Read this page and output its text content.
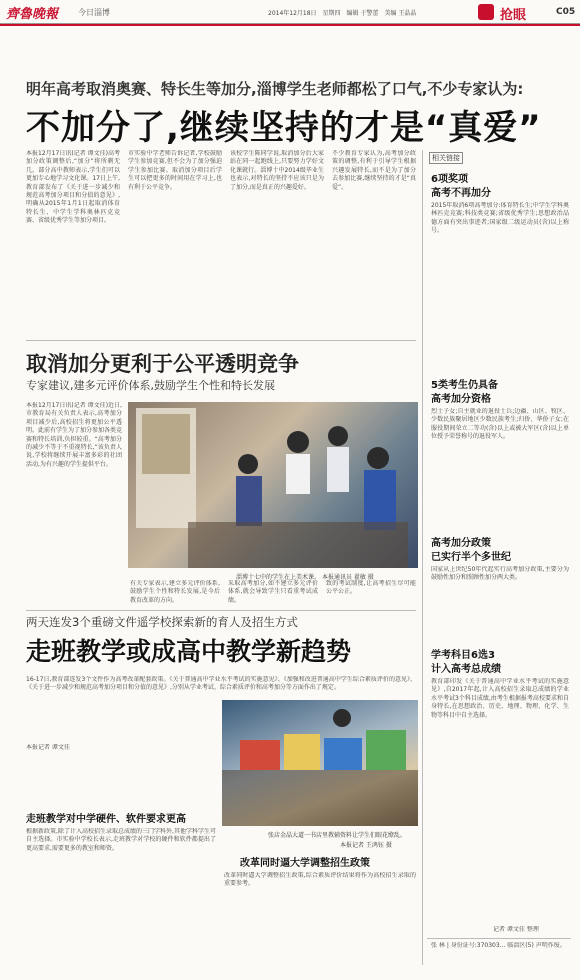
齊魯晚報 今日淄博	2014年12月18日　星期四　编辑 于警蕾　美编 王晶晶	抢眼	C05
明年高考取消奥赛、特长生等加分,淄博学生老师都松了口气,不少专家认为:
不加分了,继续坚持的才是“真爱”
本报12月17日讯(记者 谭文佳)高考加分政策调整后,“加分”将所剩无几。部分高中教师表示,学生们可以更加专心地学习文化课。17日上午,教育部发布了《关于进一步减少和规范高考加分项目和分值的意见》,明确从2015年1月1日起取消体育特长生、中学生学科奥林匹克竞赛、省级优秀学生等加分项目。
市实验中学老师告诉记者,学校鼓励学生参加竞赛,但不会为了加分强迫学生参加比赛。取消加分项目后学生可以把更多的时间用在学习上,也有利于公平竞争。
该校学生陈同学说,取消加分后大家站在同一起跑线上,只要努力学好文化课就行。淄博十中2014级毕业生也表示,对特长的坚持不应该只是为了加分,而是真正的兴趣爱好。
不少教育专家认为,高考加分政策的调整,有利于引导学生根据兴趣发展特长,而不是为了加分去参加比赛,继续坚持的才是“真爱”。
相关链接
6项奖项
高考不再加分
2015年取消6项高考加分:体育特长生;中学生学科奥林匹克竞赛;科技类竞赛;省级优秀学生;思想政治品德方面有突出事迹者;国家级二级运动员(含)以上称号。
5类考生仍具备
高考加分资格
烈士子女;自主就业的退役士兵;边疆、山区、牧区、少数民族聚居地区少数民族考生;归侨、华侨子女;在服役期间荣立二等功(含)以上或被大军区(含)以上单位授予荣誉称号的退役军人。
高考加分政策
已实行半个多世纪
国家从上世纪50年代起实行高考加分政策,主要分为鼓励性加分和照顾性加分两大类。
学考科目6选3
计入高考总成绩
教育部印发《关于普通高中学业水平考试的实施意见》,自2017年起,计入高校招生录取总成绩的学业水平考试3个科目成绩,由考生根据报考高校要求和自身特长,在思想政治、历史、地理、物理、化学、生物等科目中自主选择。
记者 谭文佳 整理
张 林 | 身份证号:370303... 临淄区(5) 声明作废。
取消加分更利于公平透明竞争
专家建议,建多元评价体系,鼓励学生个性和特长发展
本报12月17日讯(记者 谭文佳)近日,市教育局有关负责人表示,高考加分项目减少后,高校招生将更加公平透明。此前有学生为了加分参加各类竞赛和特长培训,负担较重。“高考加分的减少不等于不重视特长,”该负责人说,学校将继续开展丰富多彩的社团活动,为有兴趣的学生提供平台。
淄博十七中的学生在上美术课。 本报通讯员 翟敏 摄
有关专家表示,建立多元评价体系,鼓励学生个性和特长发展,是今后教育改革的方向。
采取高考加分,如不建立多元评价体系,就会导致学生只看重考试成绩。
致的考试制度,让高考招生尽可能公平公正。
两天连发3个重磅文件遥学校探索新的育人及招生方式
走班教学或成高中教学新趋势
16-17日,教育部连发3个文件作为高考改革配套政策。《关于普通高中学业水平考试的实施意见》、《加强和改进普通高中学生综合素质评价的意见》、《关于进一步减少和规范高考加分项目和分值的意见》,分别从学业考试、综合素质评价和高考加分等方面作出了规定。
本报记者 谭文佳
张店金晶大道一书店里教辅资料让学生们眼花缭乱。
本报记者 王鸿钰 摄
走班教学对中学硬件、软件要求更高
根据新政策,除了计入高校招生录取总成绩的三门学科外,其他学科学生可自主选择。市实验中学校长表示,走班教学对学校的硬件和软件都提出了更高要求,需要更多的教室和师资。
改革同时逼大学调整招生政策
改革同时逼大学调整招生政策,综合素质评价结果将作为高校招生录取的重要参考。
